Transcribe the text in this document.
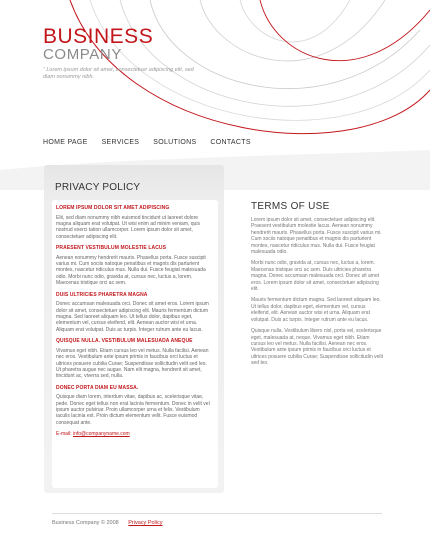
BUSINESS
COMPANY
“ Lorem ipsum dolor sit amet, consectetuer adipiscing elit, sed diam nonummy nibh.
HOME PAGE SERVICES SOLUTIONS CONTACTS
PRIVACY POLICY
LOREM IPSUM DOLOR SIT AMET ADIPISCING
Elit, sed diam nonummy nibh euismod tincidunt ut laoreet dolore magna aliquam erat volutpat. Ut wisi enim ad minim veniam, quis nostrud exerci tation ullamcorper. Lorem ipsum dolor sit amet, consectetuer adipiscing elit.
PRAESENT VESTIBULUM MOLESTIE LACUS
Aenean nonummy hendrerit mauris. Phasellus porta. Fusce suscipit varius mi. Cum sociis natoque penatibus et magnis dis parturient montes, nascetur ridiculus mus. Nulla dui. Fusce feugiat malesuada odio. Morbi nunc odio, gravida at, cursus nec, luctus a, lorem. Maecenas tristique orci ac sem.
DUIS ULTRICIES PHARETRA MAGNA
Donec accumsan malesuada orci. Donec sit amet eros. Lorem ipsum dolor sit amet, consectetuer adipiscing elit. Mauris fermentum dictum magna. Sed laoreet aliquam leo. Ut tellus dolor, dapibus eget, elementum vel, cursus eleifend, elit. Aenean auctor wisi et urna. Aliquam erat volutpat. Duis ac turpis. Integer rutrum ante eu lacus.
QUISQUE NULLA. VESTIBULUM MALESUADA ANEQUE
Vivamus eget nibh. Etiam cursus leo vel metus. Nulla facilisi. Aenean nec eros. Vestibulum ante ipsum primis in faucibus orci luctus et ultrices posuere cubilia Curae; Suspendisse sollicitudin velit sed leo. Ut pharetra augue nec augue. Nam elit magna, hendrerit sit amet, tincidunt ac, viverra sed, nulla.
DONEC PORTA DIAM EU MASSA.
Quisque diam lorem, interdum vitae, dapibus ac, scelerisque vitae, pede. Donec eget tellus non erat lacinia fermentum. Donec in velit vel ipsum auctor pulvinar. Proin ullamcorper urna et felis. Vestibulum iaculis lacinia est. Proin dictum elementum velit. Fusce euismod consequat ante.
E-mail: info@companyname.com
TERMS OF USE

Lorem ipsum dolor sit amet, consectetuer adipiscing elit. Praesent vestibulum molestie lacus. Aenean nonummy hendrerit mauris. Phasellus porta. Fusce suscipit varius mi. Cum sociis natoque penatibus et magnis dis parturient montes, nascetur ridiculus mus. Nulla dui. Fusce feugiat malesuada odio.

Morbi nunc odio, gravida at, cursus nec, luctus a, lorem. Maecenas tristique orci ac sem. Duis ultricies pharetra magna. Donec accumsan malesuada orci. Donec sit amet eros. Lorem ipsum dolor sit amet, consectetuer adipiscing elit.

Mauris fermentum dictum magna. Sed laoreet aliquam leo. Ut tellus dolor, dapibus eget, elementum vel, cursus eleifend, elit. Aenean auctor wisi et urna. Aliquam erat volutpat. Duis ac turpis. Integer rutrum ante eu lacus.

Quisque nulla. Vestibulum libero nisl, porta vel, scelerisque eget, malesuada at, neque. Vivamus eget nibh. Etiam cursus leo vel metus. Nulla facilisi. Aenean nec eros. Vestibulum ante ipsum primis in faucibus orci luctus et ultrices posuere cubilia Curae; Suspendisse sollicitudin velit sed leo.

Business Company © 2008 Privacy Policy
